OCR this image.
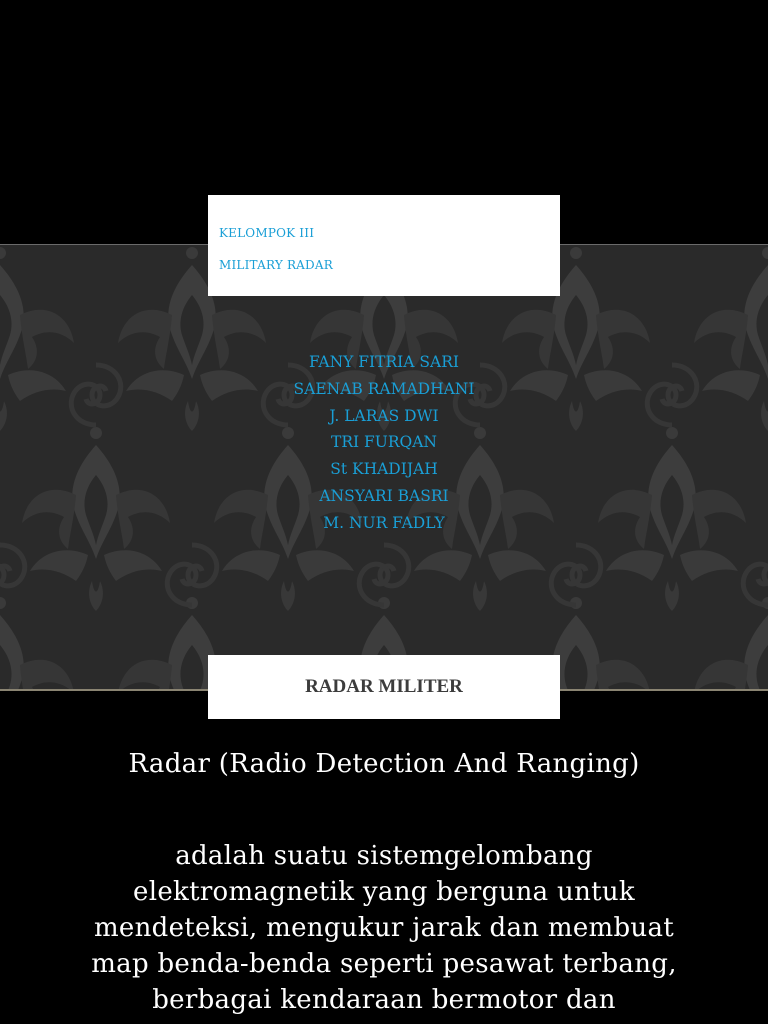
KELOMPOK III
MILITARY RADAR
FANY FITRIA SARI
SAENAB RAMADHANI
J. LARAS DWI
TRI FURQAN
St KHADIJAH
ANSYARI BASRI
M. NUR FADLY
RADAR MILITER
Radar (Radio Detection And Ranging)
adalah suatu sistemgelombang
elektromagnetik yang berguna untuk
mendeteksi, mengukur jarak dan membuat
map benda-benda seperti pesawat terbang,
berbagai kendaraan bermotor dan
